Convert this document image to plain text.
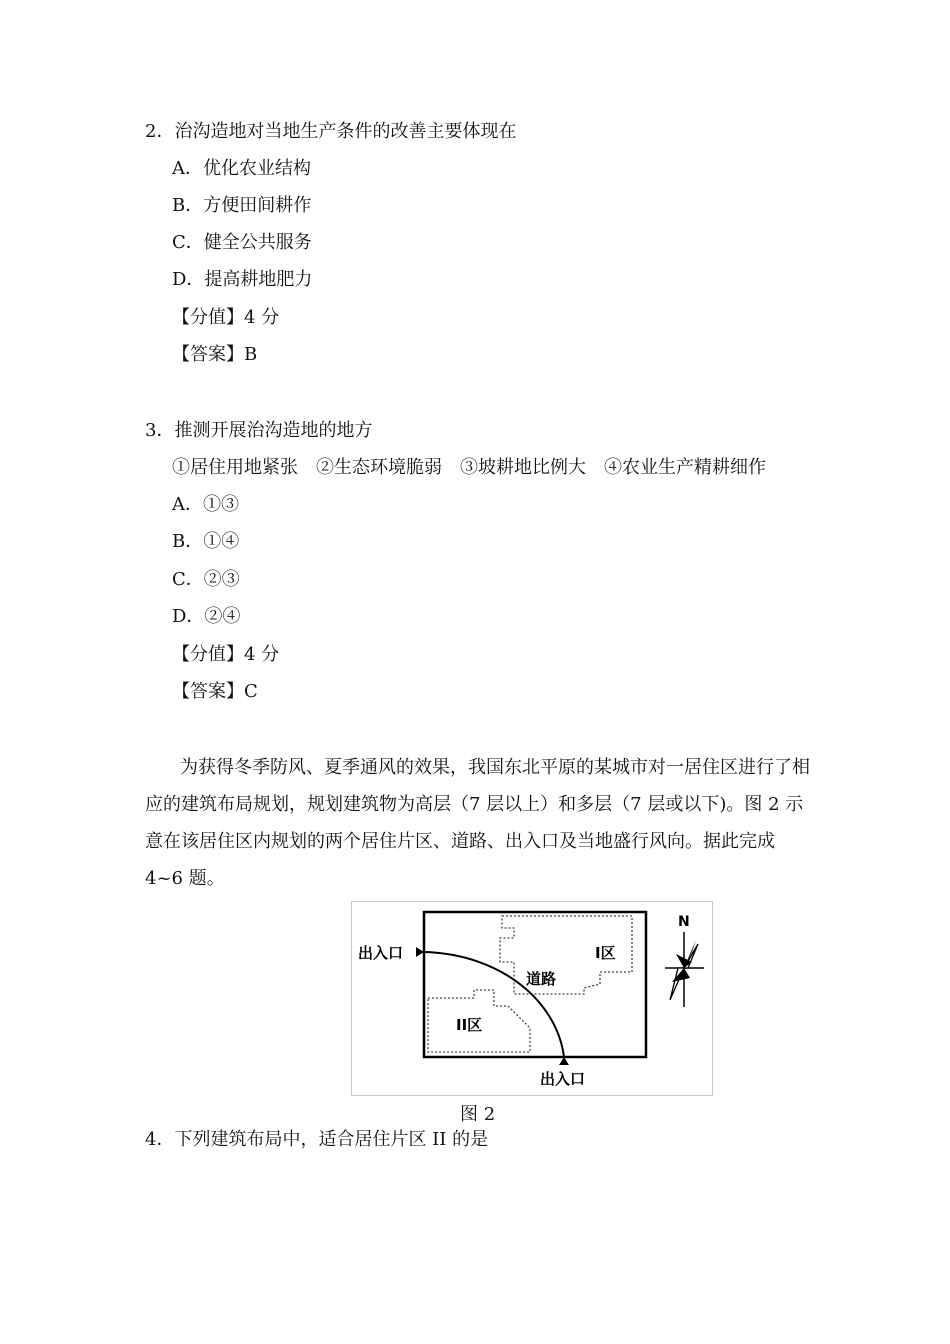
2．治沟造地对当地生产条件的改善主要体现在
A．优化农业结构
B．方便田间耕作
C．健全公共服务
D．提高耕地肥力
【分值】4 分
【答案】B
3．推测开展治沟造地的地方
①居住用地紧张　②生态环境脆弱　③坡耕地比例大　④农业生产精耕细作
A．①③
B．①④
C．②③
D．②④
【分值】4 分
【答案】C
为获得冬季防风、夏季通风的效果，我国东北平原的某城市对一居住区进行了相应的建筑布局规划，规划建筑物为高层（7 层以上）和多层（7 层或以下)。图 2 示意在该居住区内规划的两个居住片区、道路、出入口及当地盛行风向。据此完成 4~6 题。
出入口
出入口
道路
I区
II区
N
图 2
4．下列建筑布局中，适合居住片区 II 的是
